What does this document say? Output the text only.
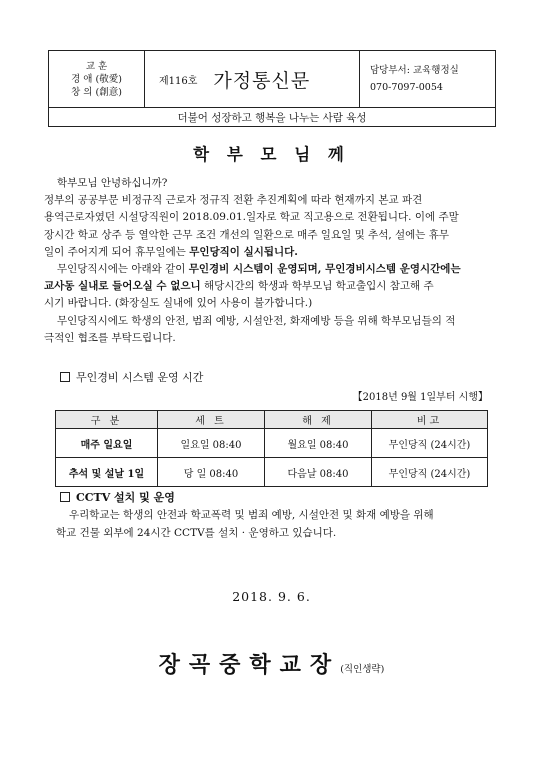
교 훈
경 애 (敬愛)
창 의 (創意)
제116호 가정통신문	담당부서: 교육행정실
070-7097-0054
더불어 성장하고 행복을 나누는 사람 육성
학 부 모 님 께

학부모님 안녕하십니까?

정부의 공공부문 비정규직 근로자 정규직 전환 추진계획에 따라 현재까지 본교 파견

용역근로자였던 시설당직원이 2018.09.01.일자로 학교 직고용으로 전환됩니다. 이에 주말

장시간 학교 상주 등 열악한 근무 조건 개선의 일환으로 매주 일요일 및 추석, 설에는 휴무

일이 주어지게 되어 휴무일에는 무인당직이 실시됩니다.

무인당직시에는 아래와 같이 무인경비 시스템이 운영되며, 무인경비시스템 운영시간에는

교사동 실내로 들어오실 수 없으니 해당시간의 학생과 학부모님 학교출입시 참고해 주

시기 바랍니다. (화장실도 실내에 있어 사용이 불가합니다.)

무인당직시에도 학생의 안전, 범죄 예방, 시설안전, 화재예방 등을 위해 학부모님들의 적

극적인 협조를 부탁드립니다.

무인경비 시스템 운영 시간
【2018년 9월 1일부터 시행】
구 분	세 트	해 제	비고
매주 일요일	일요일 08:40	월요일 08:40	무인당직 (24시간)
추석 및 설날 1일	당 일 08:40	다음날 08:40	무인당직 (24시간)
CCTV 설치 및 운영

우리학교는 학생의 안전과 학교폭력 및 범죄 예방, 시설안전 및 화재 예방을 위해

학교 건물 외부에 24시간 CCTV를 설치 · 운영하고 있습니다.

2018. 9. 6.
장곡중학교장(직인생략)
